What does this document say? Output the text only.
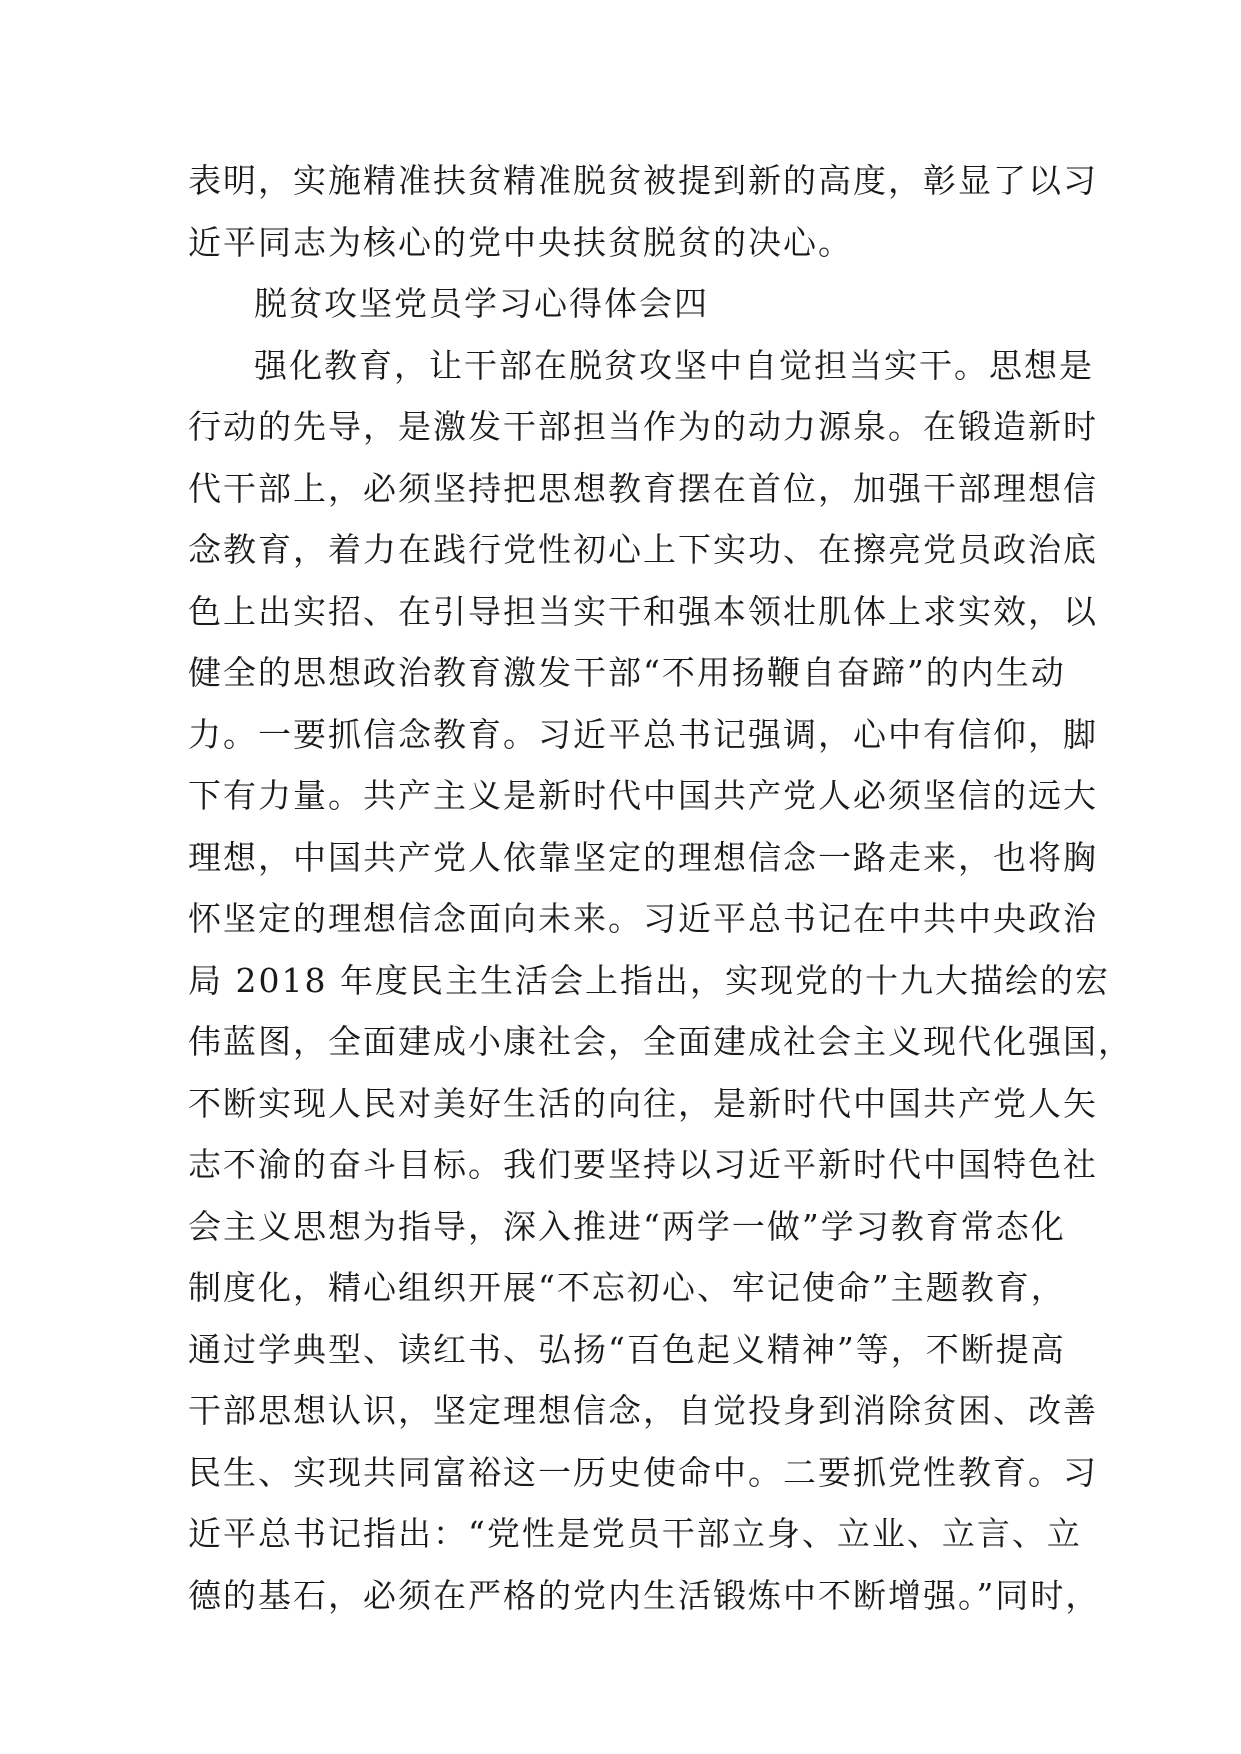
表明，实施精准扶贫精准脱贫被提到新的高度，彰显了以习
近平同志为核心的党中央扶贫脱贫的决心。
脱贫攻坚党员学习心得体会四
强化教育，让干部在脱贫攻坚中自觉担当实干。思想是
行动的先导，是激发干部担当作为的动力源泉。在锻造新时
代干部上，必须坚持把思想教育摆在首位，加强干部理想信
念教育，着力在践行党性初心上下实功、在擦亮党员政治底
色上出实招、在引导担当实干和强本领壮肌体上求实效，以
健全的思想政治教育激发干部“不用扬鞭自奋蹄”的内生动
力。一要抓信念教育。习近平总书记强调，心中有信仰，脚
下有力量。共产主义是新时代中国共产党人必须坚信的远大
理想，中国共产党人依靠坚定的理想信念一路走来，也将胸
怀坚定的理想信念面向未来。习近平总书记在中共中央政治
局 2018 年度民主生活会上指出，实现党的十九大描绘的宏
伟蓝图，全面建成小康社会，全面建成社会主义现代化强国，
不断实现人民对美好生活的向往，是新时代中国共产党人矢
志不渝的奋斗目标。我们要坚持以习近平新时代中国特色社
会主义思想为指导，深入推进“两学一做”学习教育常态化
制度化，精心组织开展“不忘初心、牢记使命”主题教育，
通过学典型、读红书、弘扬“百色起义精神”等，不断提高
干部思想认识，坚定理想信念，自觉投身到消除贫困、改善
民生、实现共同富裕这一历史使命中。二要抓党性教育。习
近平总书记指出：“党性是党员干部立身、立业、立言、立
德的基石，必须在严格的党内生活锻炼中不断增强。”同时，
